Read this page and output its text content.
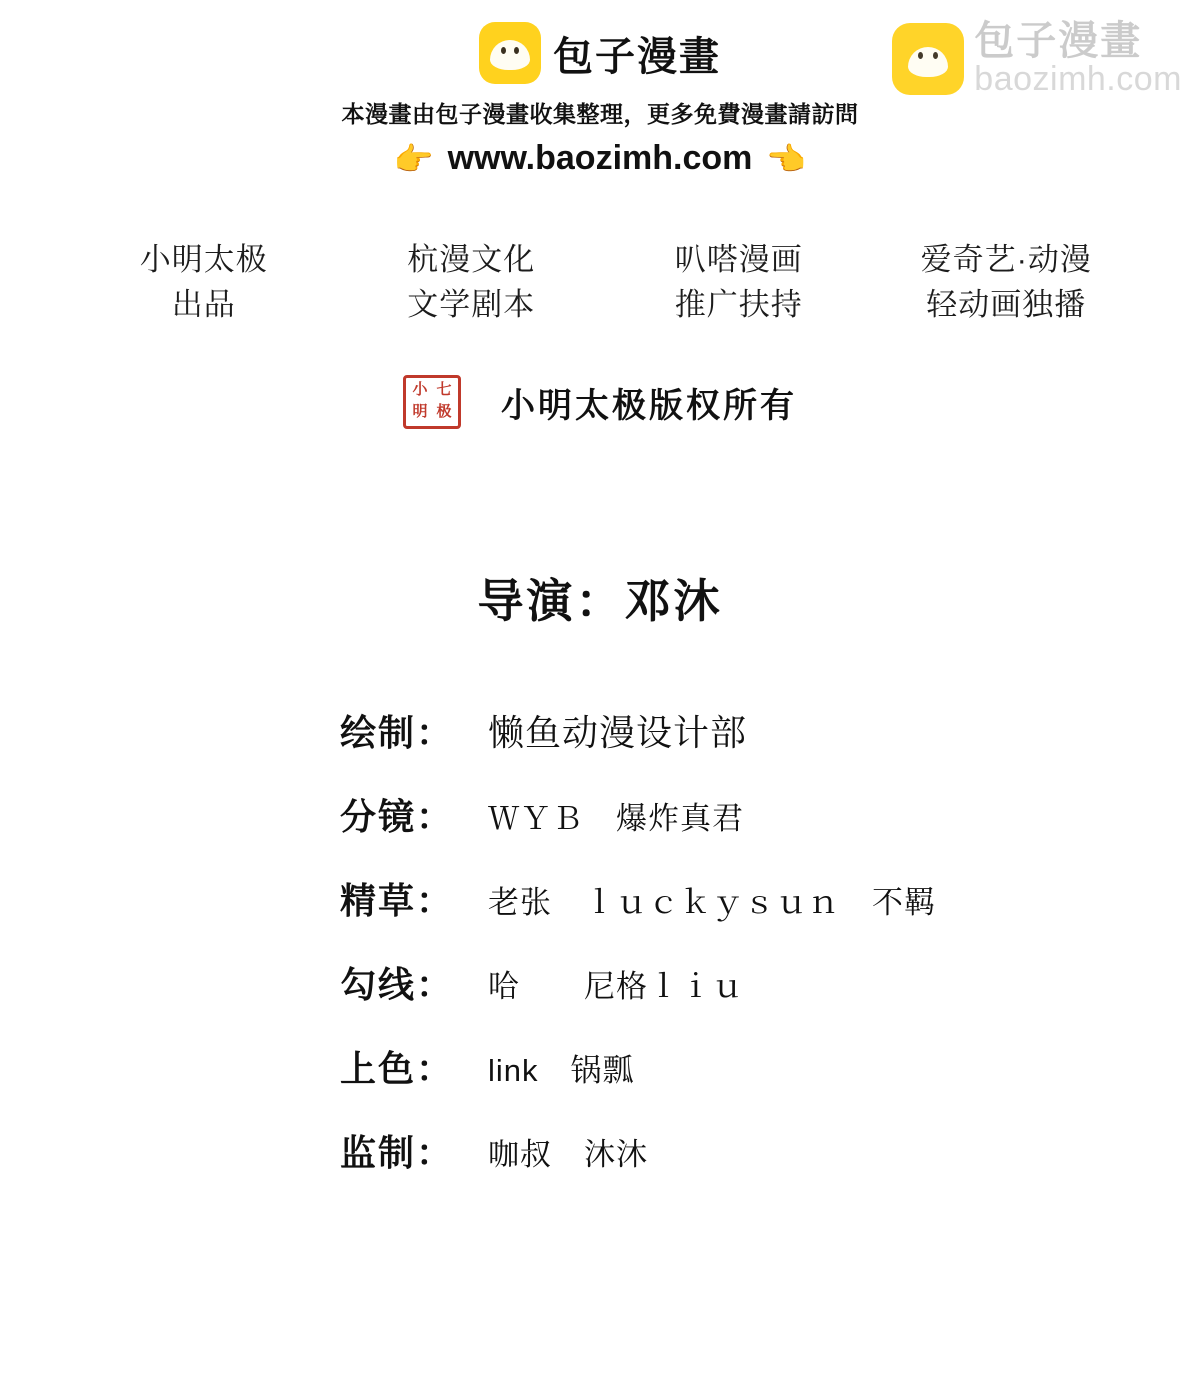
包子漫畫
本漫畫由包子漫畫收集整理，更多免費漫畫請訪問
👉 www.baozimh.com 👈
包子漫畫
baozimh.com
小明太极
出品
杭漫文化
文学剧本
叭嗒漫画
推广扶持
爱奇艺·动漫
轻动画独播
小 七
明 极 小明太极版权所有
导演：邓沐
绘制： 懒鱼动漫设计部
分镜：	ＷＹＢ　爆炸真君
精草：	老张　ｌｕｃｋｙｓｕｎ　不羁
勾线：	哈　　尼格ｌｉｕ
上色：	link　锅瓢
监制：	咖叔　沐沐
